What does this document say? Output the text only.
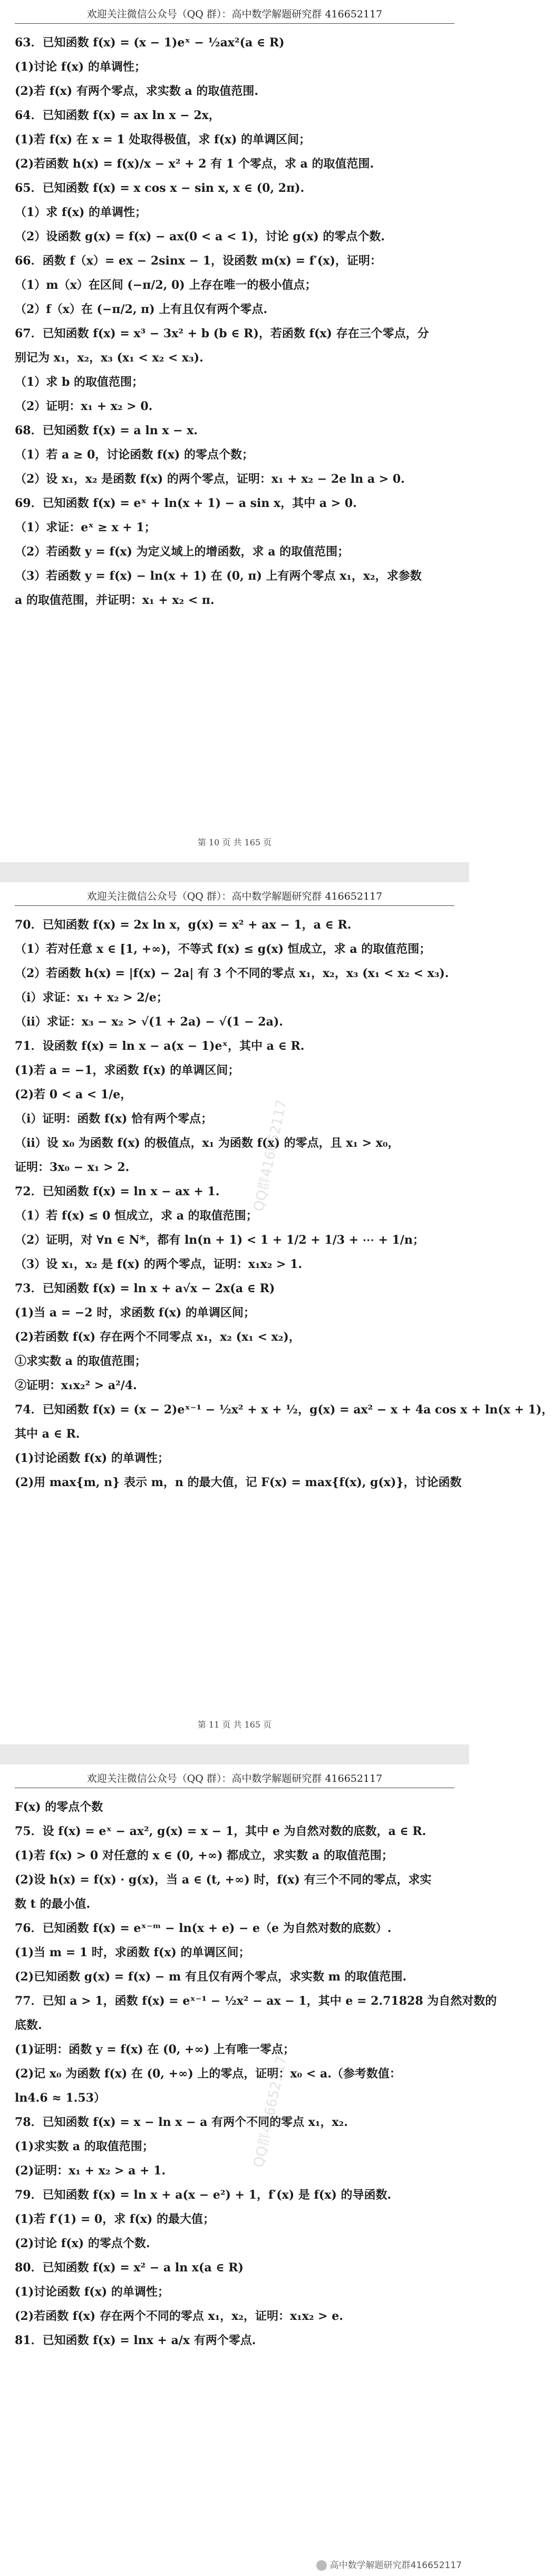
欢迎关注微信公众号（QQ 群）：高中数学解题研究群 416652117

63．已知函数 f(x) = (x − 1)eˣ − ½ax²(a ∈ R)

(1)讨论 f(x) 的单调性；

(2)若 f(x) 有两个零点，求实数 a 的取值范围.

64．已知函数 f(x) = ax ln x − 2x，

(1)若 f(x) 在 x = 1 处取得极值，求 f(x) 的单调区间；

(2)若函数 h(x) = f(x)/x − x² + 2 有 1 个零点，求 a 的取值范围.

65．已知函数 f(x) = x cos x − sin x, x ∈ (0, 2π).

（1）求 f(x) 的单调性；

（2）设函数 g(x) = f(x) − ax(0 < a < 1)，讨论 g(x) 的零点个数.

66．函数 f（x）= ex − 2sinx − 1，设函数 m(x) = f′(x)，证明：

（1）m（x）在区间 (−π/2, 0) 上存在唯一的极小值点；

（2）f（x）在 (−π/2, π) 上有且仅有两个零点.

67．已知函数 f(x) = x³ − 3x² + b (b ∈ R)，若函数 f(x) 存在三个零点，分

别记为 x₁，x₂，x₃ (x₁ < x₂ < x₃).

（1）求 b 的取值范围；

（2）证明：x₁ + x₂ > 0.

68．已知函数 f(x) = a ln x − x.

（1）若 a ≥ 0，讨论函数 f(x) 的零点个数；

（2）设 x₁，x₂ 是函数 f(x) 的两个零点，证明：x₁ + x₂ − 2e ln a > 0.

69．已知函数 f(x) = eˣ + ln(x + 1) − a sin x，其中 a > 0.

（1）求证：eˣ ≥ x + 1；

（2）若函数 y = f(x) 为定义域上的增函数，求 a 的取值范围；

（3）若函数 y = f(x) − ln(x + 1) 在 (0, π) 上有两个零点 x₁，x₂，求参数

a 的取值范围，并证明：x₁ + x₂ < π.

第 10 页 共 165 页
欢迎关注微信公众号（QQ 群）：高中数学解题研究群 416652117

70．已知函数 f(x) = 2x ln x，g(x) = x² + ax − 1，a ∈ R.

（1）若对任意 x ∈ [1, +∞)，不等式 f(x) ≤ g(x) 恒成立，求 a 的取值范围；

（2）若函数 h(x) = |f(x) − 2a| 有 3 个不同的零点 x₁，x₂，x₃ (x₁ < x₂ < x₃).

（i）求证：x₁ + x₂ > 2/e；

（ii）求证：x₃ − x₂ > √(1 + 2a) − √(1 − 2a).

71．设函数 f(x) = ln x − a(x − 1)eˣ，其中 a ∈ R.

(1)若 a = −1，求函数 f(x) 的单调区间；

(2)若 0 < a < 1/e，

（i）证明：函数 f(x) 恰有两个零点；

（ii）设 x₀ 为函数 f(x) 的极值点，x₁ 为函数 f(x) 的零点，且 x₁ > x₀，

证明：3x₀ − x₁ > 2.

72．已知函数 f(x) = ln x − ax + 1.

（1）若 f(x) ≤ 0 恒成立，求 a 的取值范围；

（2）证明，对 ∀n ∈ N*，都有 ln(n + 1) < 1 + 1/2 + 1/3 + ⋯ + 1/n；

（3）设 x₁，x₂ 是 f(x) 的两个零点，证明：x₁x₂ > 1.

73．已知函数 f(x) = ln x + a√x − 2x(a ∈ R)

(1)当 a = −2 时，求函数 f(x) 的单调区间；

(2)若函数 f(x) 存在两个不同零点 x₁，x₂ (x₁ < x₂)，

①求实数 a 的取值范围；

②证明：x₁x₂² > a²/4.

74．已知函数 f(x) = (x − 2)eˣ⁻¹ − ½x² + x + ½，g(x) = ax² − x + 4a cos x + ln(x + 1)，

其中 a ∈ R.

(1)讨论函数 f(x) 的单调性；

(2)用 max{m, n} 表示 m，n 的最大值，记 F(x) = max{f(x), g(x)}，讨论函数

QQ群416652117
第 11 页 共 165 页
欢迎关注微信公众号（QQ 群）：高中数学解题研究群 416652117

F(x) 的零点个数

75．设 f(x) = eˣ − ax², g(x) = x − 1，其中 e 为自然对数的底数，a ∈ R.

(1)若 f(x) > 0 对任意的 x ∈ (0, +∞) 都成立，求实数 a 的取值范围；

(2)设 h(x) = f(x) · g(x)，当 a ∈ (t, +∞) 时，f(x) 有三个不同的零点，求实

数 t 的最小值.

76．已知函数 f(x) = eˣ⁻ᵐ − ln(x + e) − e（e 为自然对数的底数）.

(1)当 m = 1 时，求函数 f(x) 的单调区间；

(2)已知函数 g(x) = f(x) − m 有且仅有两个零点，求实数 m 的取值范围.

77．已知 a > 1，函数 f(x) = eˣ⁻¹ − ½x² − ax − 1，其中 e = 2.71828 为自然对数的

底数.

(1)证明：函数 y = f(x) 在 (0, +∞) 上有唯一零点；

(2)记 x₀ 为函数 f(x) 在 (0, +∞) 上的零点，证明：x₀ < a.（参考数值：

ln4.6 ≈ 1.53）

78．已知函数 f(x) = x − ln x − a 有两个不同的零点 x₁，x₂.

(1)求实数 a 的取值范围；

(2)证明：x₁ + x₂ > a + 1.

79．已知函数 f(x) = ln x + a(x − e²) + 1，f′(x) 是 f(x) 的导函数.

(1)若 f′(1) = 0，求 f(x) 的最大值；

(2)讨论 f(x) 的零点个数.

80．已知函数 f(x) = x² − a ln x(a ∈ R)

(1)讨论函数 f(x) 的单调性；

(2)若函数 f(x) 存在两个不同的零点 x₁，x₂，证明：x₁x₂ > e.

81．已知函数 f(x) = lnx + a/x 有两个零点.

QQ群416652117
高中数学解题研究群416652117
